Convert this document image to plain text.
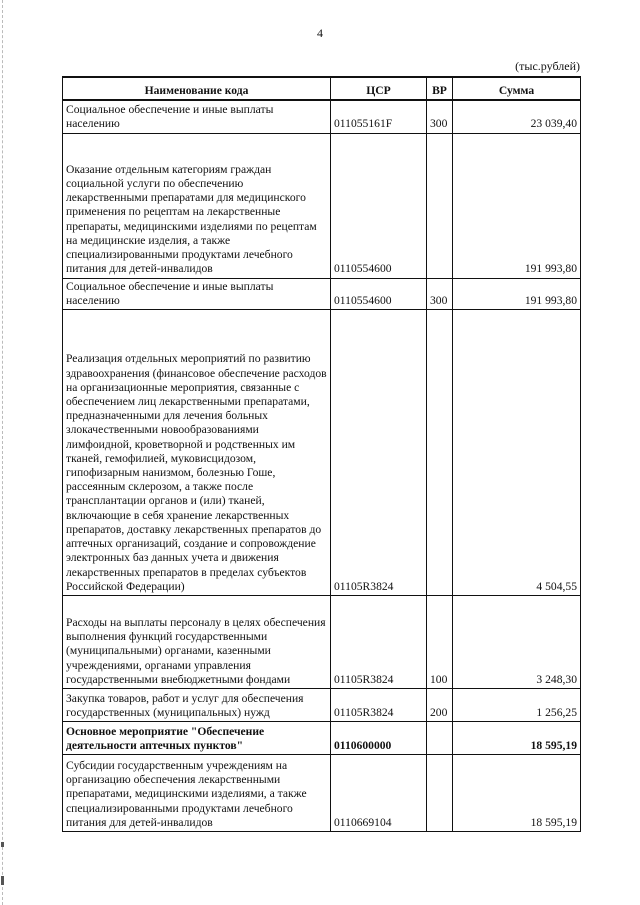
4
(тыс.рублей)
Наименование кода	ЦСР	ВР	Сумма
Социальное обеспечение и иные выплаты населению	011055161F	300	23 039,40
Оказание отдельным категориям граждан социальной услуги по обеспечению лекарственными препаратами для медицинского применения по рецептам на лекарственные препараты, медицинскими изделиями по рецептам на медицинские изделия, а также специализированными продуктами лечебного питания для детей-инвалидов	0110554600		191 993,80
Социальное обеспечение и иные выплаты населению	0110554600	300	191 993,80
Реализация отдельных мероприятий по развитию здравоохранения (финансовое обеспечение расходов на организационные мероприятия, связанные с обеспечением лиц лекарственными препаратами, предназначенными для лечения больных злокачественными новообразованиями лимфоидной, кроветворной и родственных им тканей, гемофилией, муковисцидозом, гипофизарным нанизмом, болезнью Гоше, рассеянным склерозом, а также после трансплантации органов и (или) тканей, включающие в себя хранение лекарственных препаратов, доставку лекарственных препаратов до аптечных организаций, создание и сопровождение электронных баз данных учета и движения лекарственных препаратов в пределах субъектов Российской Федерации)	01105R3824		4 504,55
Расходы на выплаты персоналу в целях обеспечения выполнения функций государственными (муниципальными) органами, казенными учреждениями, органами управления государственными внебюджетными фондами	01105R3824	100	3 248,30
Закупка товаров, работ и услуг для обеспечения государственных (муниципальных) нужд	01105R3824	200	1 256,25
Основное мероприятие "Обеспечение деятельности аптечных пунктов"	0110600000		18 595,19
Субсидии государственным учреждениям на организацию обеспечения лекарственными препаратами, медицинскими изделиями, а также специализированными продуктами лечебного питания для детей-инвалидов	0110669104		18 595,19
